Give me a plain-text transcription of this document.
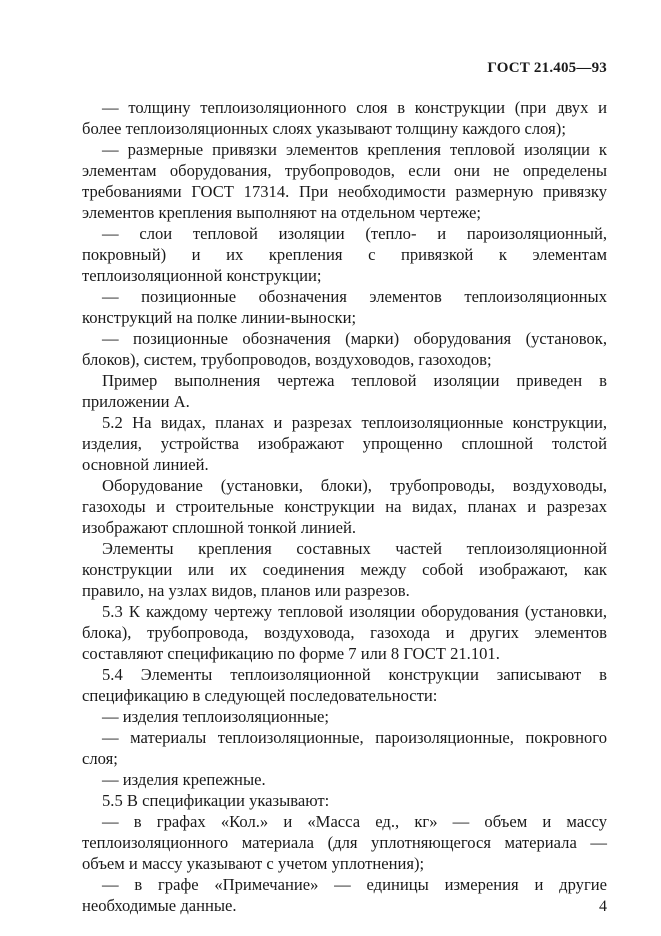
ГОСТ 21.405—93
— толщину теплоизоляционного слоя в конструкции (при двух и
более теплоизоляционных слоях указывают толщину каждого слоя);
— размерные привязки элементов крепления тепловой изоляции к
элементам оборудования, трубопроводов, если они не определены
требованиями ГОСТ 17314. При необходимости размерную привязку
элементов крепления выполняют на отдельном чертеже;
— слои тепловой изоляции (тепло- и пароизоляционный,
покровный) и их крепления с привязкой к элементам
теплоизоляционной конструкции;
— позиционные обозначения элементов теплоизоляционных
конструкций на полке линии-выноски;
— позиционные обозначения (марки) оборудования (установок,
блоков), систем, трубопроводов, воздуховодов, газоходов;
Пример выполнения чертежа тепловой изоляции приведен в
приложении А.
5.2 На видах, планах и разрезах теплоизоляционные конструкции,
изделия, устройства изображают упрощенно сплошной толстой
основной линией.
Оборудование (установки, блоки), трубопроводы, воздуховоды,
газоходы и строительные конструкции на видах, планах и разрезах
изображают сплошной тонкой линией.
Элементы крепления составных частей теплоизоляционной
конструкции или их соединения между собой изображают, как
правило, на узлах видов, планов или разрезов.
5.3 К каждому чертежу тепловой изоляции оборудования (установки,
блока), трубопровода, воздуховода, газохода и других элементов
составляют спецификацию по форме 7 или 8 ГОСТ 21.101.
5.4 Элементы теплоизоляционной конструкции записывают в
спецификацию в следующей последовательности:
— изделия теплоизоляционные;
— материалы теплоизоляционные, пароизоляционные, покровного
слоя;
— изделия крепежные.
5.5 В спецификации указывают:
— в графах «Кол.» и «Масса ед., кг» — объем и массу
теплоизоляционного материала (для уплотняющегося материала —
объем и массу указывают с учетом уплотнения);
— в графе «Примечание» — единицы измерения и другие
необходимые данные.	4
